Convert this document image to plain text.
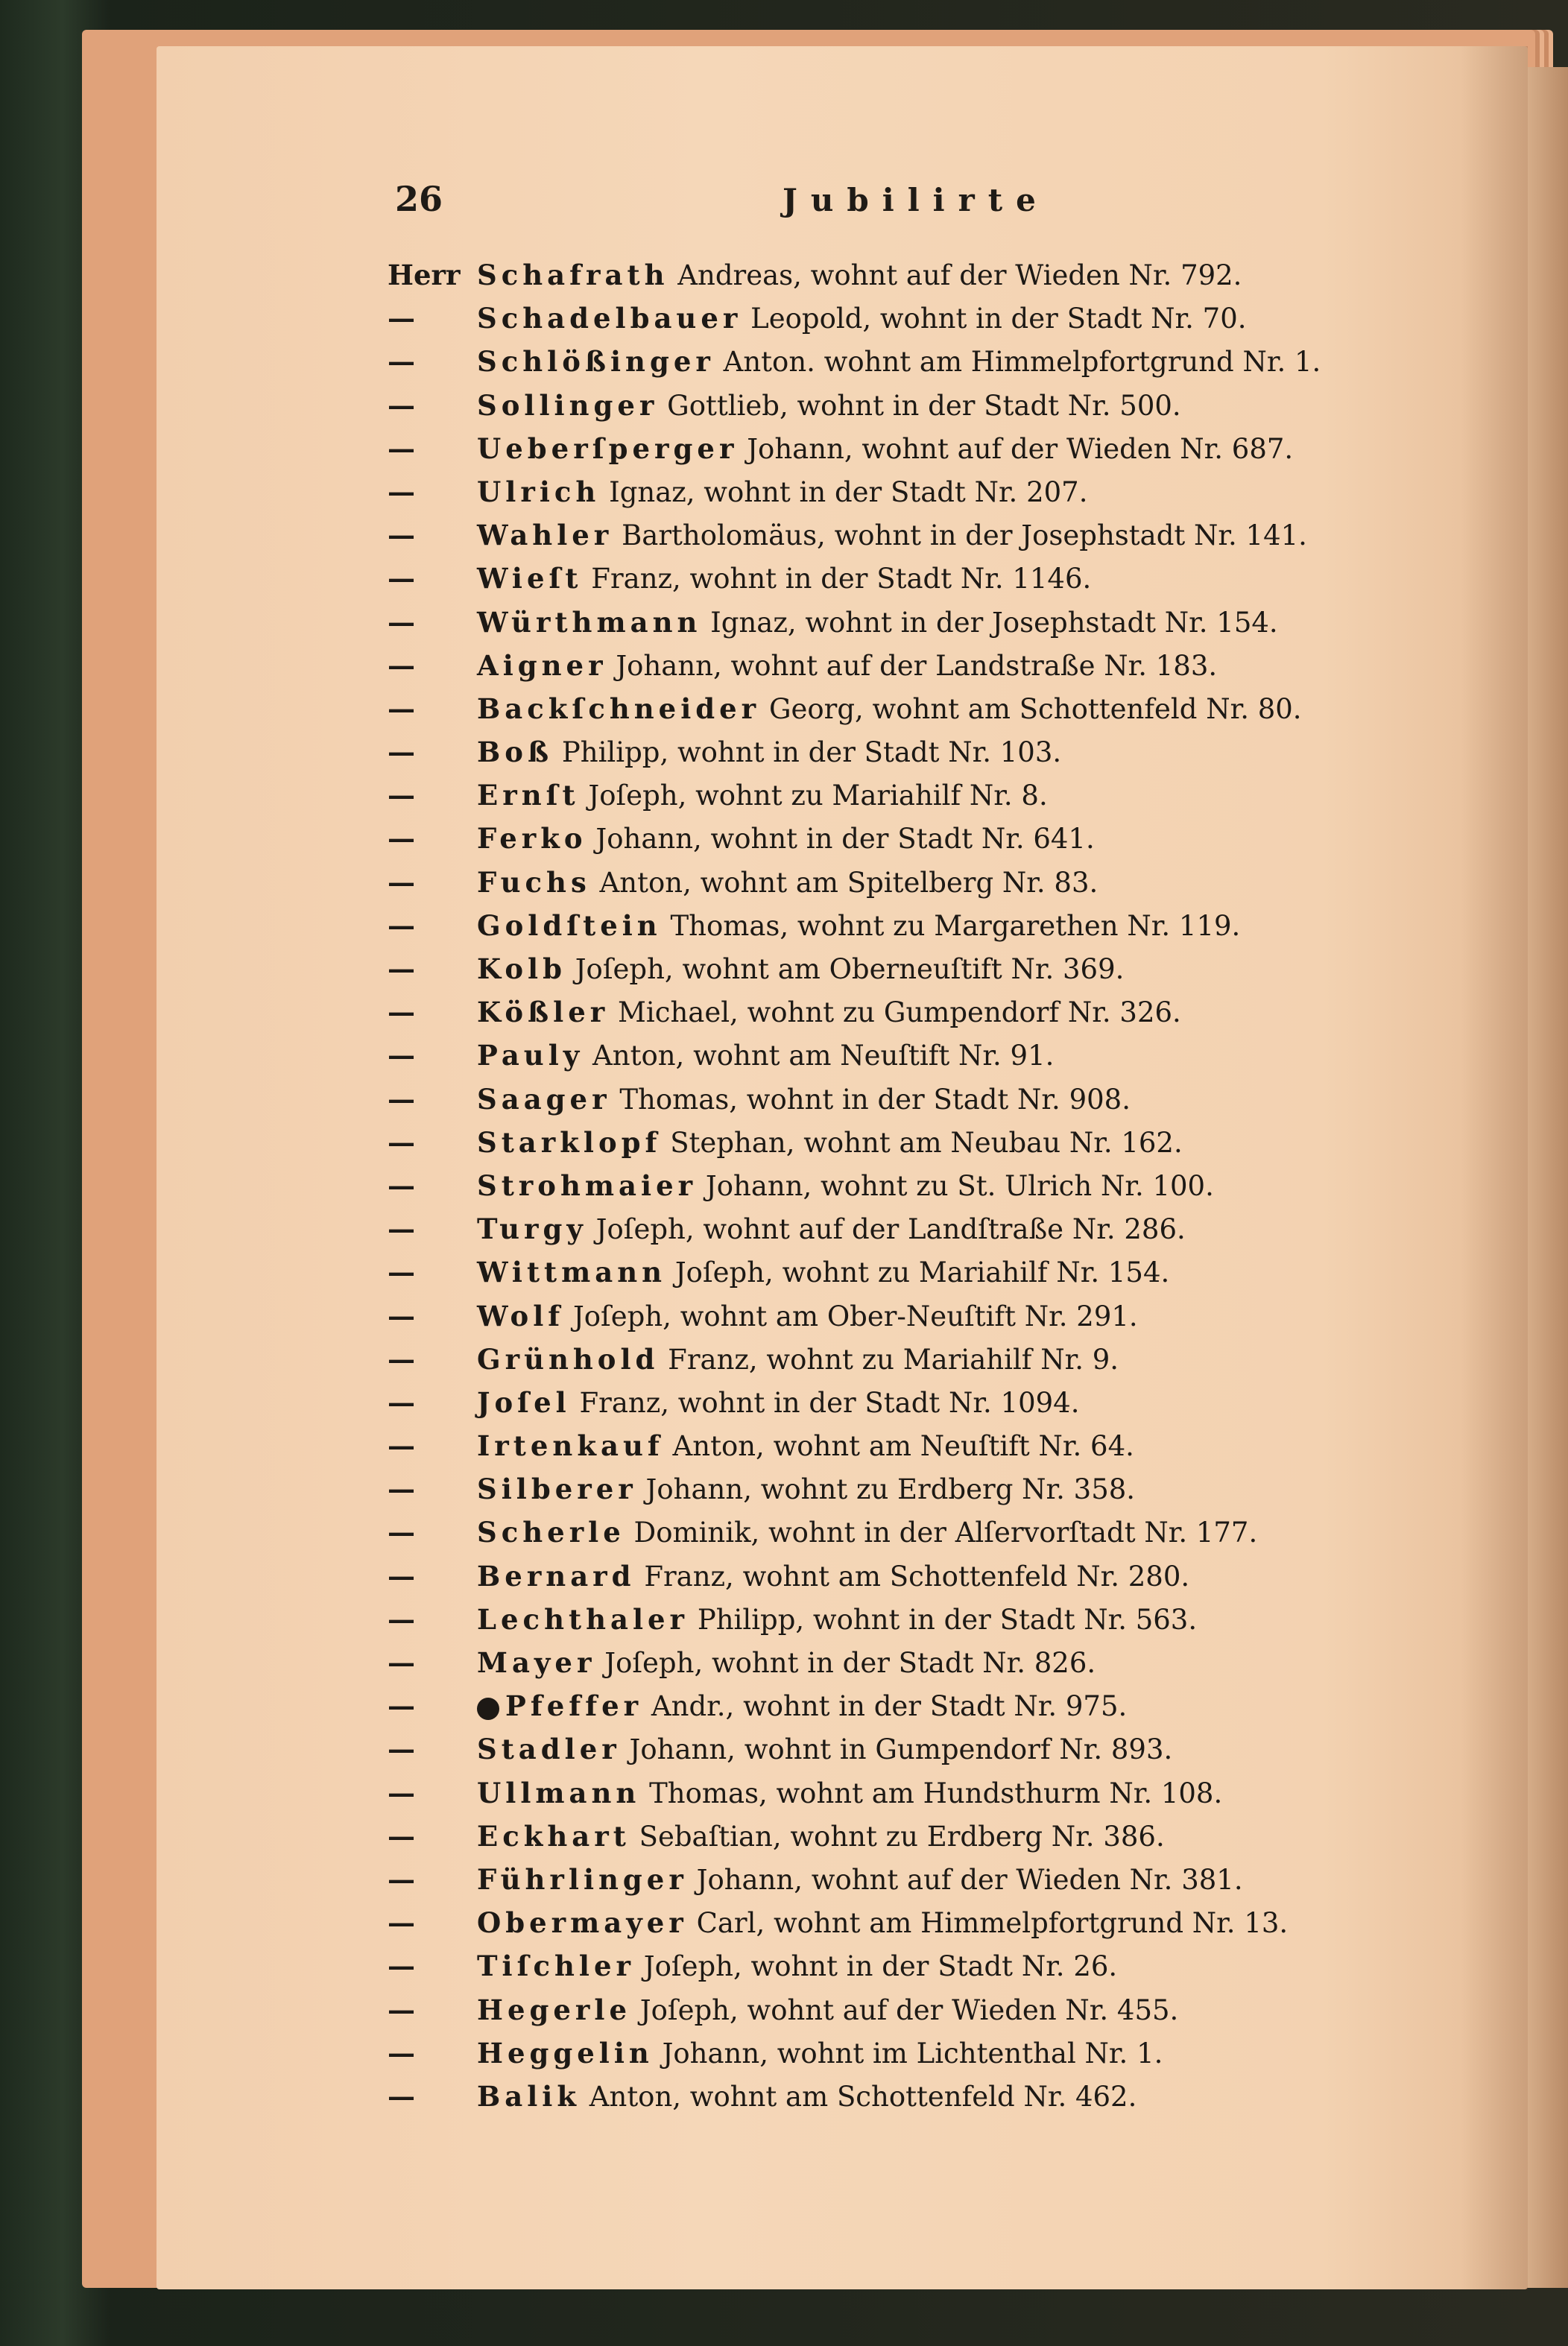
26	Jubilirte
Herr Schafrath Andreas, wohnt auf der Wieden Nr. 792.
— Schadelbauer Leopold, wohnt in der Stadt Nr. 70.
— Schlößinger Anton. wohnt am Himmelpfortgrund Nr. 1.
— Sollinger Gottlieb, wohnt in der Stadt Nr. 500.
— Ueberſperger Johann, wohnt auf der Wieden Nr. 687.
— Ulrich Ignaz, wohnt in der Stadt Nr. 207.
— Wahler Bartholomäus, wohnt in der Josephstadt Nr. 141.
— Wieſt Franz, wohnt in der Stadt Nr. 1146.
— Würthmann Ignaz, wohnt in der Josephstadt Nr. 154.
— Aigner Johann, wohnt auf der Landstraße Nr. 183.
— Backſchneider Georg, wohnt am Schottenfeld Nr. 80.
— Boß Philipp, wohnt in der Stadt Nr. 103.
— Ernſt Joſeph, wohnt zu Mariahilf Nr. 8.
— Ferko Johann, wohnt in der Stadt Nr. 641.
— Fuchs Anton, wohnt am Spitelberg Nr. 83.
— Goldſtein Thomas, wohnt zu Margarethen Nr. 119.
— Kolb Joſeph, wohnt am Oberneuſtift Nr. 369.
— Kößler Michael, wohnt zu Gumpendorf Nr. 326.
— Pauly Anton, wohnt am Neuſtift Nr. 91.
— Saager Thomas, wohnt in der Stadt Nr. 908.
— Starklopf Stephan, wohnt am Neubau Nr. 162.
— Strohmaier Johann, wohnt zu St. Ulrich Nr. 100.
— Turgy Joſeph, wohnt auf der Landſtraße Nr. 286.
— Wittmann Joſeph, wohnt zu Mariahilf Nr. 154.
— Wolf Joſeph, wohnt am Ober-Neuſtift Nr. 291.
— Grünhold Franz, wohnt zu Mariahilf Nr. 9.
— Joſel Franz, wohnt in der Stadt Nr. 1094.
— Irtenkauf Anton, wohnt am Neuſtift Nr. 64.
— Silberer Johann, wohnt zu Erdberg Nr. 358.
— Scherle Dominik, wohnt in der Alſervorſtadt Nr. 177.
— Bernard Franz, wohnt am Schottenfeld Nr. 280.
— Lechthaler Philipp, wohnt in der Stadt Nr. 563.
— Mayer Joſeph, wohnt in der Stadt Nr. 826.
—	Pfeffer Andr., wohnt in der Stadt Nr. 975.
— Stadler Johann, wohnt in Gumpendorf Nr. 893.
— Ullmann Thomas, wohnt am Hundsthurm Nr. 108.
— Eckhart Sebaſtian, wohnt zu Erdberg Nr. 386.
— Führlinger Johann, wohnt auf der Wieden Nr. 381.
— Obermayer Carl, wohnt am Himmelpfortgrund Nr. 13.
— Tiſchler Joſeph, wohnt in der Stadt Nr. 26.
— Hegerle Joſeph, wohnt auf der Wieden Nr. 455.
— Heggelin Johann, wohnt im Lichtenthal Nr. 1.
— Balik Anton, wohnt am Schottenfeld Nr. 462.
